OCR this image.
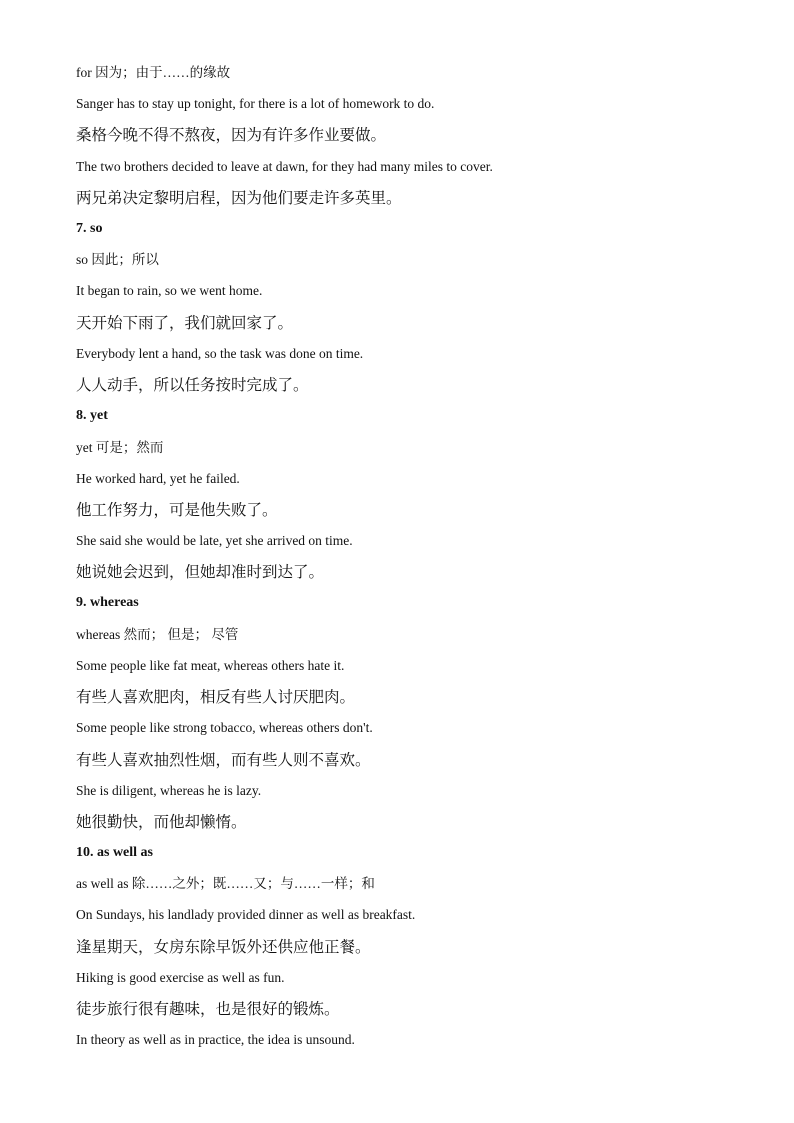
for 因为；由于……的缘故
Sanger has to stay up tonight, for there is a lot of homework to do.
桑格今晚不得不熬夜，因为有许多作业要做。
The two brothers decided to leave at dawn, for they had many miles to cover.
两兄弟决定黎明启程，因为他们要走许多英里。
7. so
so 因此；所以
It began to rain, so we went home.
天开始下雨了，我们就回家了。
Everybody lent a hand, so the task was done on time.
人人动手，所以任务按时完成了。
8. yet
yet 可是；然而
He worked hard, yet he failed.
他工作努力，可是他失败了。
She said she would be late, yet she arrived on time.
她说她会迟到，但她却准时到达了。
9. whereas
whereas 然而； 但是； 尽管
Some people like fat meat, whereas others hate it.
有些人喜欢肥肉，相反有些人讨厌肥肉。
Some people like strong tobacco, whereas others don't.
有些人喜欢抽烈性烟，而有些人则不喜欢。
She is diligent, whereas he is lazy.
她很勤快，而他却懒惰。
10. as well as
as well as 除……之外；既……又；与……一样；和
On Sundays, his landlady provided dinner as well as breakfast.
逢星期天，女房东除早饭外还供应他正餐。
Hiking is good exercise as well as fun.
徒步旅行很有趣味，也是很好的锻炼。
In theory as well as in practice, the idea is unsound.
